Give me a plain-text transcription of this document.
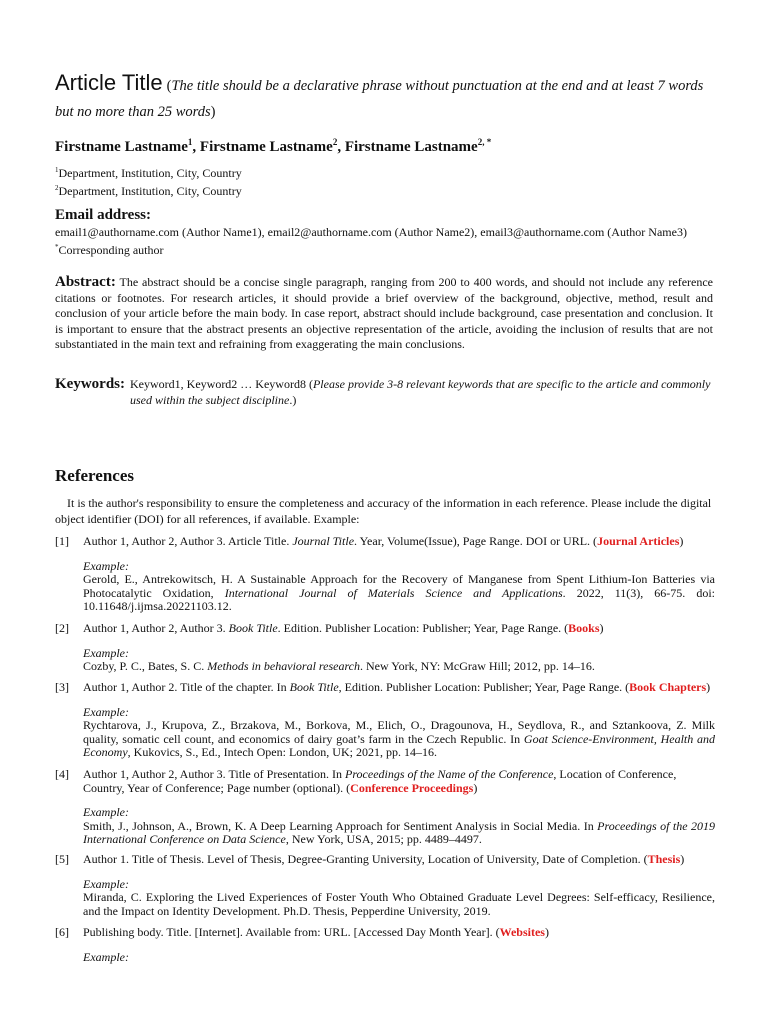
Article Title (The title should be a declarative phrase without punctuation at the end and at least 7 words but no more than 25 words)
Firstname Lastname$^1$, Firstname Lastname$^2$, Firstname Lastname$^{2, *}$
$^1$Department, Institution, City, Country
$^2$Department, Institution, City, Country
Email address:
email1@authorname.com (Author Name1), email2@authorname.com (Author Name2), email3@authorname.com (Author Name3)
*Corresponding author
Abstract: The abstract should be a concise single paragraph, ranging from 200 to 400 words, and should not include any reference citations or footnotes. For research articles, it should provide a brief overview of the background, objective, method, result and conclusion of your article before the main body. In case report, abstract should include background, case presentation and conclusion. It is important to ensure that the abstract presents an objective representation of the article, avoiding the inclusion of results that are not substantiated in the main text and refraining from exaggerating the main conclusions.
Keywords: Keyword1, Keyword2 … Keyword8 (Please provide 3-8 relevant keywords that are specific to the article and commonly used within the subject discipline.)
References
It is the author's responsibility to ensure the completeness and accuracy of the information in each reference. Please include the digital object identifier (DOI) for all references, if available. Example:
[1]	Author 1, Author 2, Author 3. Article Title. Journal Title. Year, Volume(Issue), Page Range. DOI or URL. (Journal Articles)
Example:
Gerold, E., Antrekowitsch, H. A Sustainable Approach for the Recovery of Manganese from Spent Lithium-Ion Batteries via Photocatalytic Oxidation, International Journal of Materials Science and Applications. 2022, 11(3), 66-75. doi: 10.11648/j.ijmsa.20221103.12.
[2]	Author 1, Author 2, Author 3. Book Title. Edition. Publisher Location: Publisher; Year, Page Range. (Books)
Example:
Cozby, P. C., Bates, S. C. Methods in behavioral research. New York, NY: McGraw Hill; 2012, pp. 14–16.
[3]	Author 1, Author 2. Title of the chapter. In Book Title, Edition. Publisher Location: Publisher; Year, Page Range. (Book Chapters)
Example:
Rychtarova, J., Krupova, Z., Brzakova, M., Borkova, M., Elich, O., Dragounova, H., Seydlova, R., and Sztankoova, Z. Milk quality, somatic cell count, and economics of dairy goat’s farm in the Czech Republic. In Goat Science-Environment, Health and Economy, Kukovics, S., Ed., Intech Open: London, UK; 2021, pp. 14–16.
[4]	Author 1, Author 2, Author 3. Title of Presentation. In Proceedings of the Name of the Conference, Location of Conference, Country, Year of Conference; Page number (optional). (Conference Proceedings)
Example:
Smith, J., Johnson, A., Brown, K. A Deep Learning Approach for Sentiment Analysis in Social Media. In Proceedings of the 2019 International Conference on Data Science, New York, USA, 2015; pp. 4489–4497.
[5]	Author 1. Title of Thesis. Level of Thesis, Degree-Granting University, Location of University, Date of Completion. (Thesis)
Example:
Miranda, C. Exploring the Lived Experiences of Foster Youth Who Obtained Graduate Level Degrees: Self-efficacy, Resilience, and the Impact on Identity Development. Ph.D. Thesis, Pepperdine University, 2019.
[6]	Publishing body. Title. [Internet]. Available from: URL. [Accessed Day Month Year]. (Websites)
Example:
